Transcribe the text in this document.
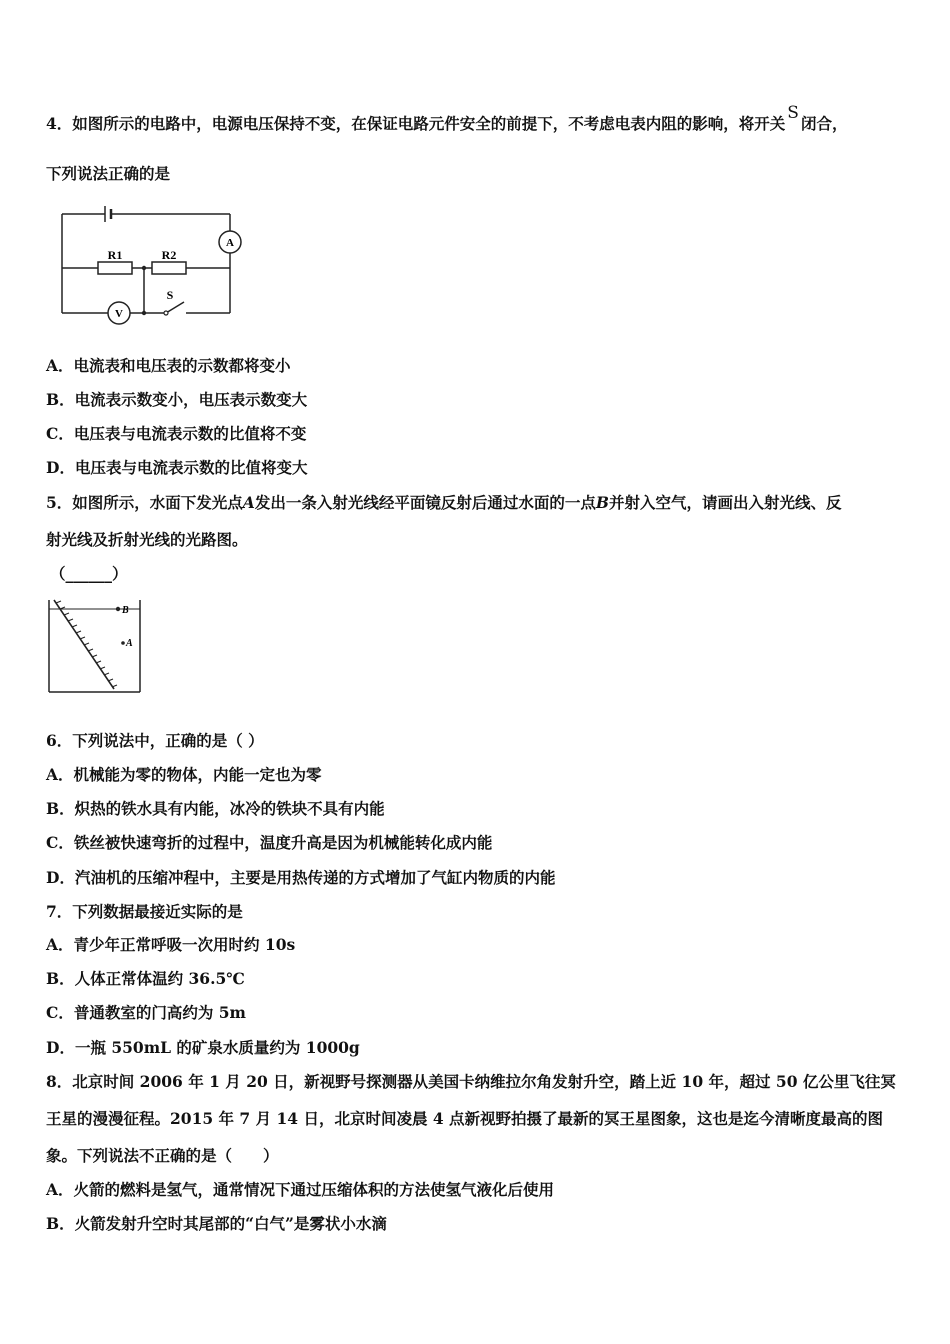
4．如图所示的电路中，电源电压保持不变，在保证电路元件安全的前提下，不考虑电表内阻的影响，将开关S闭合，
下列说法正确的是
A
V
R1	R2
S
A．电流表和电压表的示数都将变小
B．电流表示数变小，电压表示数变大
C．电压表与电流表示数的比值将不变
D．电压表与电流表示数的比值将变大
5．如图所示，水面下发光点A发出一条入射光线经平面镜反射后通过水面的一点B并射入空气，请画出入射光线、反
射光线及折射光线的光路图。
（______）
B
A
6．下列说法中，正确的是（ ）
A．机械能为零的物体，内能一定也为零
B．炽热的铁水具有内能，冰冷的铁块不具有内能
C．铁丝被快速弯折的过程中，温度升高是因为机械能转化成内能
D．汽油机的压缩冲程中，主要是用热传递的方式增加了气缸内物质的内能
7．下列数据最接近实际的是
A．青少年正常呼吸一次用时约 10s
B．人体正常体温约 36.5℃
C．普通教室的门高约为 5m
D．一瓶 550mL 的矿泉水质量约为 1000g
8．北京时间 2006 年 1 月 20 日，新视野号探测器从美国卡纳维拉尔角发射升空，踏上近 10 年，超过 50 亿公里飞往冥
王星的漫漫征程。2015 年 7 月 14 日，北京时间凌晨 4 点新视野拍摄了最新的冥王星图象，这也是迄今清晰度最高的图
象。下列说法不正确的是（　　）
A．火箭的燃料是氢气，通常情况下通过压缩体积的方法使氢气液化后使用
B．火箭发射升空时其尾部的“白气”是雾状小水滴
